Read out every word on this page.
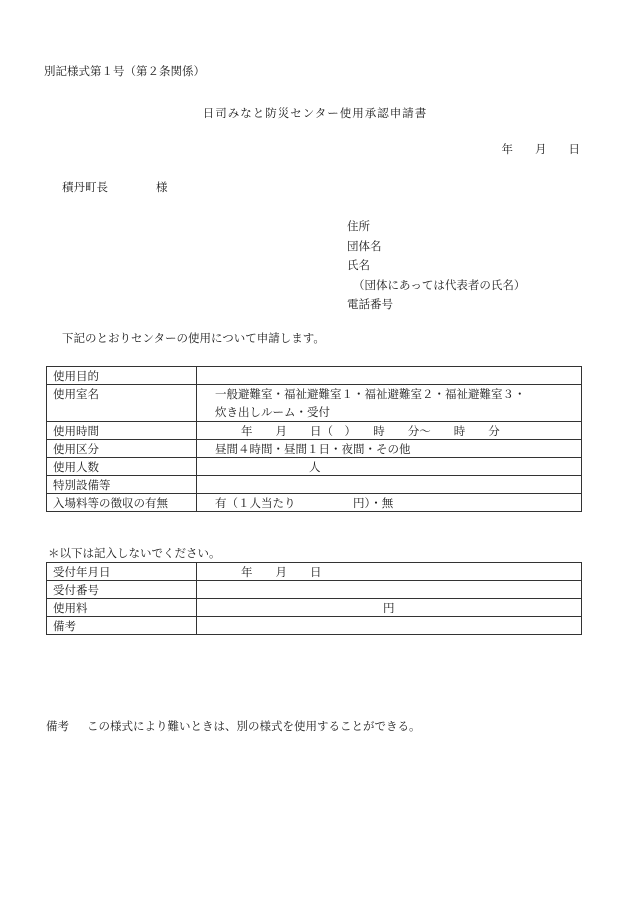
別記様式第１号（第２条関係）
日司みなと防災センター使用承認申請書
年 月 日
積丹町長	様
住所
団体名
氏名
（団体にあっては代表者の氏名）
電話番号
下記のとおりセンターの使用について申請します。
使用目的	
使用室名	一般避難室・福祉避難室１・福祉避難室２・福祉避難室３・
炊き出しルーム・受付

使用時間	年　　月　　日（　）　　時　　分～　　時　　分
使用区分	昼間４時間・昼間１日・夜間・その他
使用人数	人
特別設備等	
入場料等の徴収の有無	有（１人当たり　　　　　円）・無
＊以下は記入しないでください。
受付年月日	年　　月　　日
受付番号	
使用料	円
備考	
備考 この様式により難いときは、別の様式を使用することができる。
